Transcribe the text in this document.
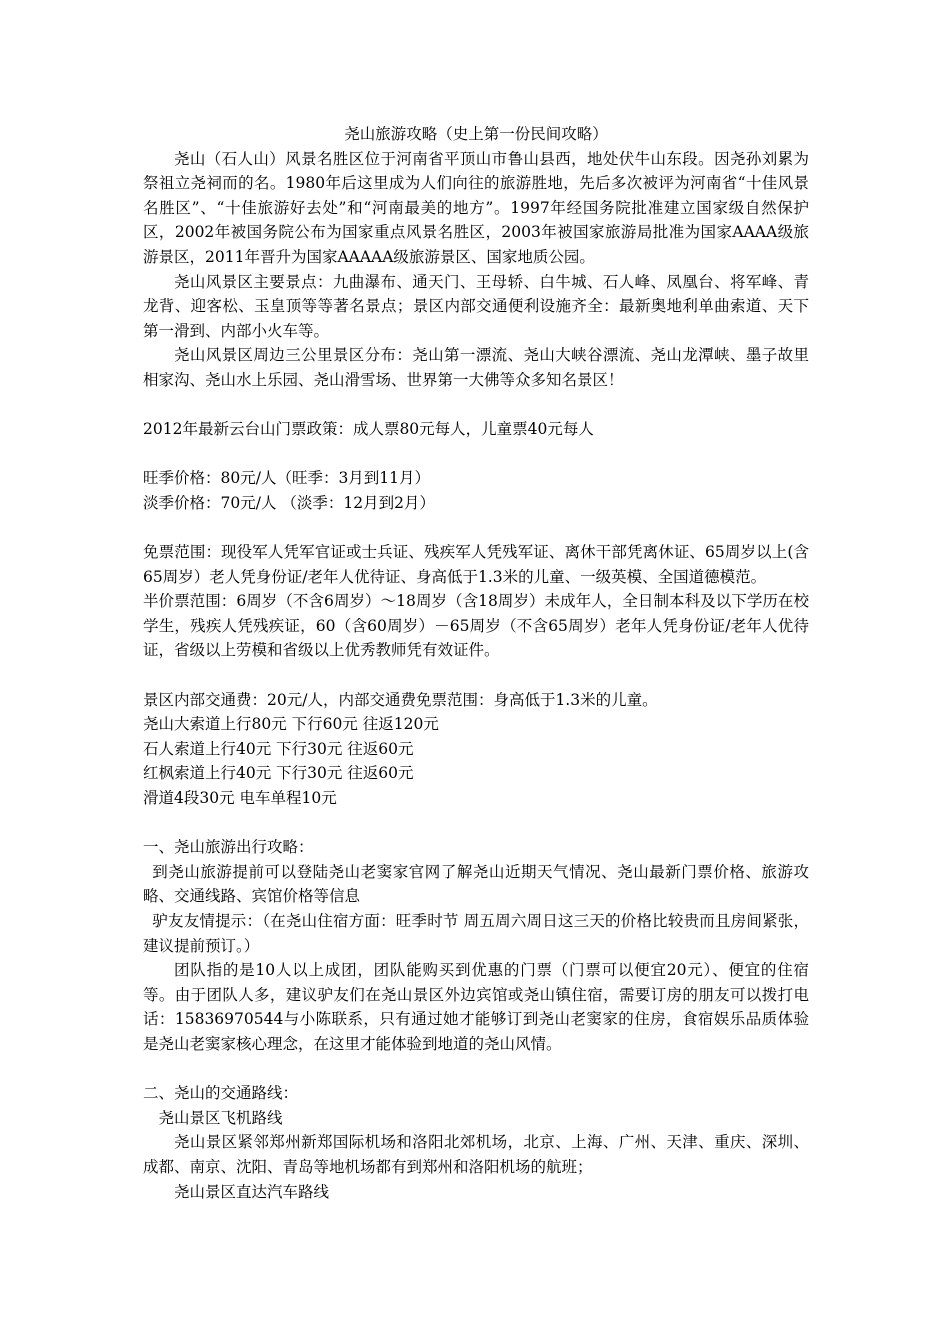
尧山旅游攻略（史上第一份民间攻略）

尧山（石人山）风景名胜区位于河南省平顶山市鲁山县西，地处伏牛山东段。因尧孙刘累为祭祖立尧祠而的名。1980年后这里成为人们向往的旅游胜地，先后多次被评为河南省“十佳风景名胜区”、“十佳旅游好去处”和“河南最美的地方”。1997年经国务院批准建立国家级自然保护区，2002年被国务院公布为国家重点风景名胜区，2003年被国家旅游局批准为国家AAAA级旅游景区，2011年晋升为国家AAAAA级旅游景区、国家地质公园。

尧山风景区主要景点：九曲瀑布、通天门、王母轿、白牛城、石人峰、凤凰台、将军峰、青龙背、迎客松、玉皇顶等等著名景点；景区内部交通便利设施齐全：最新奥地利单曲索道、天下第一滑到、内部小火车等。

尧山风景区周边三公里景区分布：尧山第一漂流、尧山大峡谷漂流、尧山龙潭峡、墨子故里相家沟、尧山水上乐园、尧山滑雪场、世界第一大佛等众多知名景区！

2012年最新云台山门票政策：成人票80元每人，儿童票40元每人

旺季价格：80元/人（旺季：3月到11月）

淡季价格：70元/人 （淡季：12月到2月）

免票范围：现役军人凭军官证或士兵证、残疾军人凭残军证、离休干部凭离休证、65周岁以上(含65周岁）老人凭身份证/老年人优待证、身高低于1.3米的儿童、一级英模、全国道德模范。

半价票范围：6周岁（不含6周岁）～18周岁（含18周岁）未成年人，全日制本科及以下学历在校学生，残疾人凭残疾证，60（含60周岁）－65周岁（不含65周岁）老年人凭身份证/老年人优待证，省级以上劳模和省级以上优秀教师凭有效证件。

景区内部交通费：20元/人，内部交通费免票范围：身高低于1.3米的儿童。

尧山大索道上行80元 下行60元 往返120元

石人索道上行40元 下行30元 往返60元

红枫索道上行40元 下行30元 往返60元

滑道4段30元 电车单程10元

一、尧山旅游出行攻略：

到尧山旅游提前可以登陆尧山老窦家官网了解尧山近期天气情况、尧山最新门票价格、旅游攻略、交通线路、宾馆价格等信息

驴友友情提示：（在尧山住宿方面：旺季时节 周五周六周日这三天的价格比较贵而且房间紧张，建议提前预订。）

团队指的是10人以上成团，团队能购买到优惠的门票（门票可以便宜20元）、便宜的住宿等。由于团队人多，建议驴友们在尧山景区外边宾馆或尧山镇住宿，需要订房的朋友可以拨打电话：15836970544与小陈联系，只有通过她才能够订到尧山老窦家的住房，食宿娱乐品质体验是尧山老窦家核心理念，在这里才能体验到地道的尧山风情。

二、尧山的交通路线：

尧山景区飞机路线

尧山景区紧邻郑州新郑国际机场和洛阳北郊机场，北京、上海、广州、天津、重庆、深圳、成都、南京、沈阳、青岛等地机场都有到郑州和洛阳机场的航班；

尧山景区直达汽车路线
